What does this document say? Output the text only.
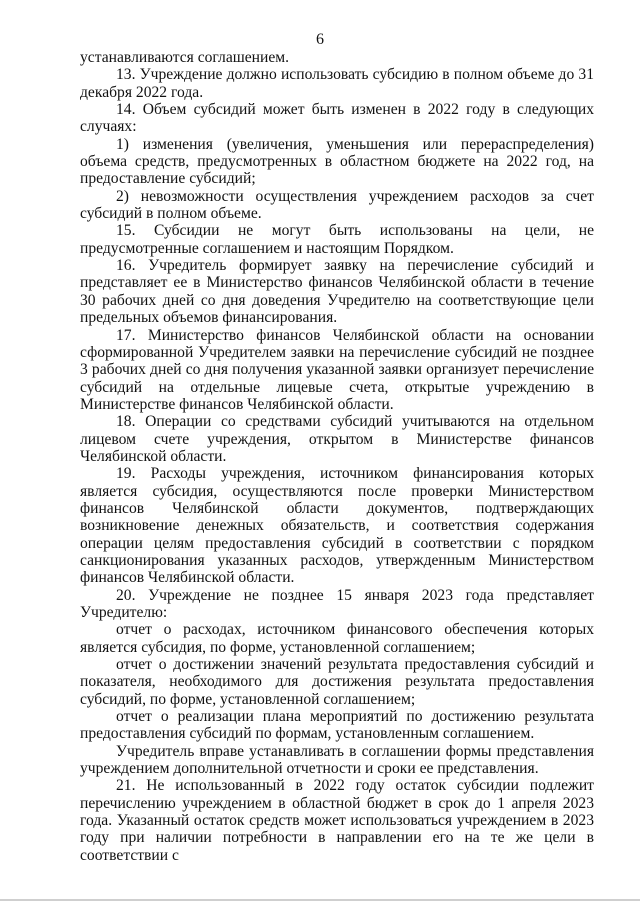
6

устанавливаются соглашением.

13. Учреждение должно использовать субсидию в полном объеме до 31 декабря 2022 года.

14. Объем субсидий может быть изменен в 2022 году в следующих случаях:

1) изменения (увеличения, уменьшения или перераспределения) объема средств, предусмотренных в областном бюджете на 2022 год, на предоставление субсидий;

2) невозможности осуществления учреждением расходов за счет субсидий в полном объеме.

15. Субсидии не могут быть использованы на цели, не предусмотренные соглашением и настоящим Порядком.

16. Учредитель формирует заявку на перечисление субсидий и представляет ее в Министерство финансов Челябинской области в течение 30 рабочих дней со дня доведения Учредителю на соответствующие цели предельных объемов финансирования.

17. Министерство финансов Челябинской области на основании сформированной Учредителем заявки на перечисление субсидий не позднее 3 рабочих дней со дня получения указанной заявки организует перечисление субсидий на отдельные лицевые счета, открытые учреждению в Министерстве финансов Челябинской области.

18. Операции со средствами субсидий учитываются на отдельном лицевом счете учреждения, открытом в Министерстве финансов Челябинской области.

19. Расходы учреждения, источником финансирования которых является субсидия, осуществляются после проверки Министерством финансов Челябинской области документов, подтверждающих возникновение денежных обязательств, и соответствия содержания операции целям предоставления субсидий в соответствии с порядком санкционирования указанных расходов, утвержденным Министерством финансов Челябинской области.

20. Учреждение не позднее 15 января 2023 года представляет Учредителю:

отчет о расходах, источником финансового обеспечения которых является субсидия, по форме, установленной соглашением;

отчет о достижении значений результата предоставления субсидий и показателя, необходимого для достижения результата предоставления субсидий, по форме, установленной соглашением;

отчет о реализации плана мероприятий по достижению результата предоставления субсидий по формам, установленным соглашением.

Учредитель вправе устанавливать в соглашении формы представления учреждением дополнительной отчетности и сроки ее представления.

21. Не использованный в 2022 году остаток субсидии подлежит перечислению учреждением в областной бюджет в срок до 1 апреля 2023 года. Указанный остаток средств может использоваться учреждением в 2023 году при наличии потребности в направлении его на те же цели в соответствии с
